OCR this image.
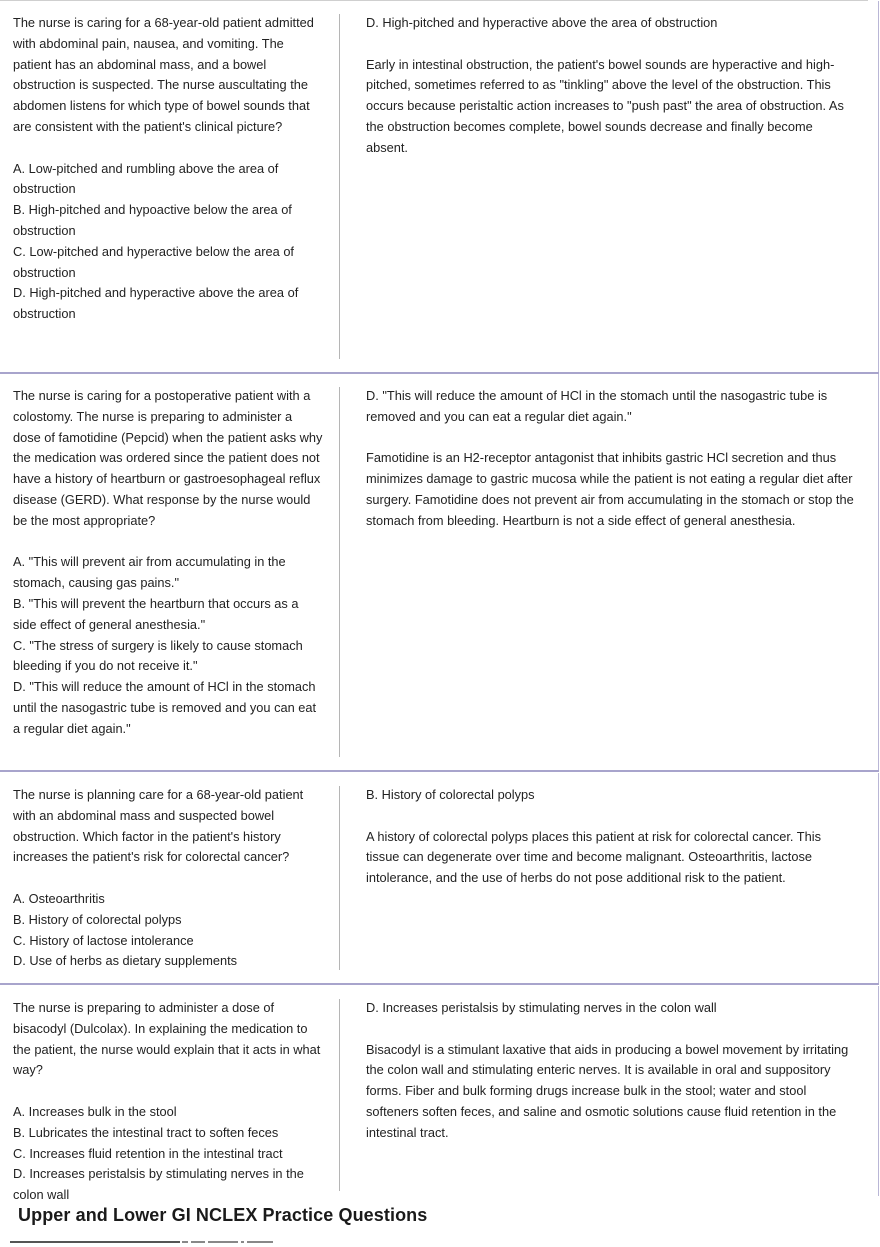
The nurse is caring for a 68-year-old patient admitted with abdominal pain, nausea, and vomiting. The patient has an abdominal mass, and a bowel obstruction is suspected. The nurse auscultating the abdomen listens for which type of bowel sounds that are consistent with the patient's clinical picture?

A. Low-pitched and rumbling above the area of obstruction

B. High-pitched and hypoactive below the area of obstruction

C. Low-pitched and hyperactive below the area of obstruction

D. High-pitched and hyperactive above the area of obstruction

D. High-pitched and hyperactive above the area of obstruction

Early in intestinal obstruction, the patient's bowel sounds are hyperactive and high-pitched, sometimes referred to as "tinkling" above the level of the obstruction. This occurs because peristaltic action increases to "push past" the area of obstruction. As the obstruction becomes complete, bowel sounds decrease and finally become absent.

The nurse is caring for a postoperative patient with a colostomy. The nurse is preparing to administer a dose of famotidine (Pepcid) when the patient asks why the medication was ordered since the patient does not have a history of heartburn or gastroesophageal reflux disease (GERD). What response by the nurse would be the most appropriate?

A. "This will prevent air from accumulating in the stomach, causing gas pains."

B. "This will prevent the heartburn that occurs as a side effect of general anesthesia."

C. "The stress of surgery is likely to cause stomach bleeding if you do not receive it."

D. "This will reduce the amount of HCl in the stomach until the nasogastric tube is removed and you can eat a regular diet again."

D. "This will reduce the amount of HCl in the stomach until the nasogastric tube is removed and you can eat a regular diet again."

Famotidine is an H2-receptor antagonist that inhibits gastric HCl secretion and thus minimizes damage to gastric mucosa while the patient is not eating a regular diet after surgery. Famotidine does not prevent air from accumulating in the stomach or stop the stomach from bleeding. Heartburn is not a side effect of general anesthesia.

The nurse is planning care for a 68-year-old patient with an abdominal mass and suspected bowel obstruction. Which factor in the patient's history increases the patient's risk for colorectal cancer?

A. Osteoarthritis

B. History of colorectal polyps

C. History of lactose intolerance

D. Use of herbs as dietary supplements

B. History of colorectal polyps

A history of colorectal polyps places this patient at risk for colorectal cancer. This tissue can degenerate over time and become malignant. Osteoarthritis, lactose intolerance, and the use of herbs do not pose additional risk to the patient.

The nurse is preparing to administer a dose of bisacodyl (Dulcolax). In explaining the medication to the patient, the nurse would explain that it acts in what way?

A. Increases bulk in the stool

B. Lubricates the intestinal tract to soften feces

C. Increases fluid retention in the intestinal tract

D. Increases peristalsis by stimulating nerves in the colon wall

D. Increases peristalsis by stimulating nerves in the colon wall

Bisacodyl is a stimulant laxative that aids in producing a bowel movement by irritating the colon wall and stimulating enteric nerves. It is available in oral and suppository forms. Fiber and bulk forming drugs increase bulk in the stool; water and stool softeners soften feces, and saline and osmotic solutions cause fluid retention in the intestinal tract.

Upper and Lower GI NCLEX Practice Questions
